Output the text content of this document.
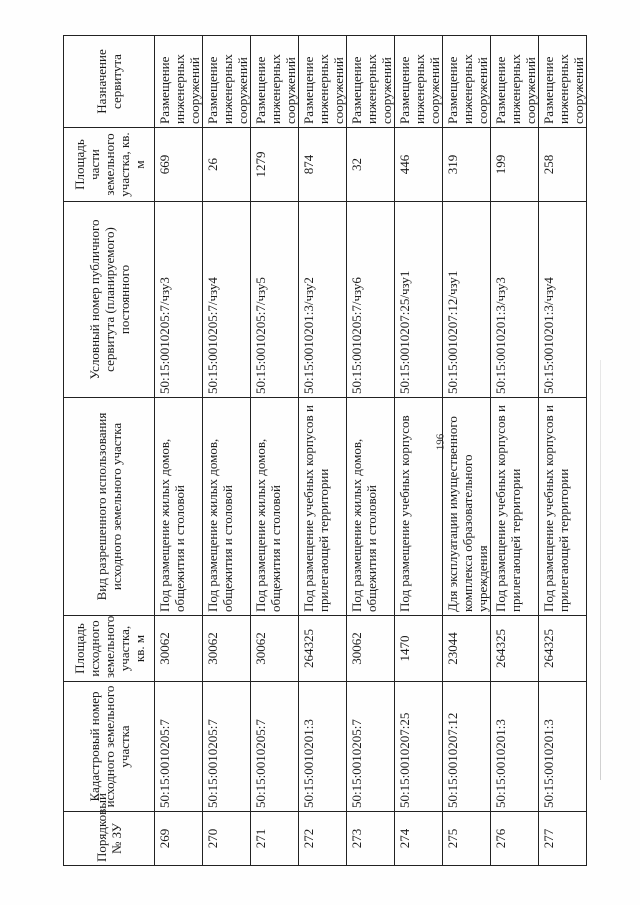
196
Порядковый № ЗУ	Кадастровый номер исходного земельного участка	Площадь исходного земельного участка, кв. м	Вид разрешенного использования исходного земельного участка	Условный номер публичного сервитута (планируемого) постоянного	Площадь части земельного участка, кв. м	Назначение сервитута
269	50:15:0010205:7	30062	Под размещение жилых домов, общежития и столовой	50:15:0010205:7/чзу3	669	Размещение инженерных сооружений
270	50:15:0010205:7	30062	Под размещение жилых домов, общежития и столовой	50:15:0010205:7/чзу4	26	Размещение инженерных сооружений
271	50:15:0010205:7	30062	Под размещение жилых домов, общежития и столовой	50:15:0010205:7/чзу5	1279	Размещение инженерных сооружений
272	50:15:0010201:3	264325	Под размещение учебных корпусов и прилегающей территории	50:15:0010201:3/чзу2	874	Размещение инженерных сооружений
273	50:15:0010205:7	30062	Под размещение жилых домов, общежития и столовой	50:15:0010205:7/чзу6	32	Размещение инженерных сооружений
274	50:15:0010207:25	1470	Под размещение учебных корпусов	50:15:0010207:25/чзу1	446	Размещение инженерных сооружений
275	50:15:0010207:12	23044	Для эксплуатации имущественного комплекса образовательного учреждения	50:15:0010207:12/чзу1	319	Размещение инженерных сооружений
276	50:15:0010201:3	264325	Под размещение учебных корпусов и прилегающей территории	50:15:0010201:3/чзу3	199	Размещение инженерных сооружений
277	50:15:0010201:3	264325	Под размещение учебных корпусов и прилегающей территории	50:15:0010201:3/чзу4	258	Размещение инженерных сооружений
